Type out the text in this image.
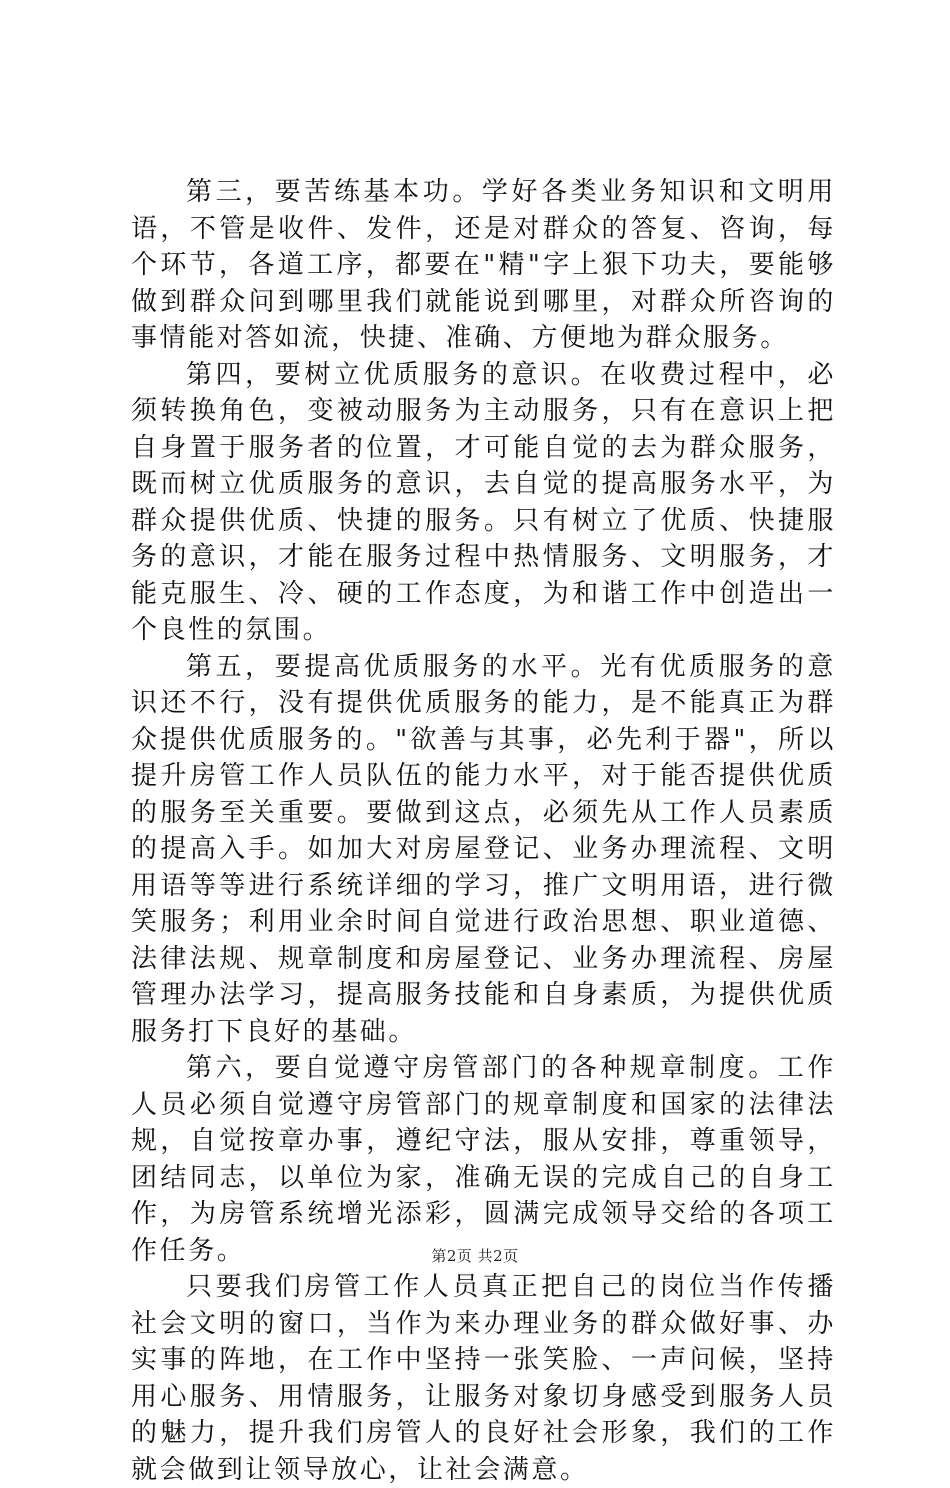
第三，要苦练基本功。学好各类业务知识和文明用语，不管是收件、发件，还是对群众的答复、咨询，每个环节，各道工序，都要在"精"字上狠下功夫，要能够做到群众问到哪里我们就能说到哪里，对群众所咨询的事情能对答如流，快捷、准确、方便地为群众服务。

第四，要树立优质服务的意识。在收费过程中，必须转换角色，变被动服务为主动服务，只有在意识上把自身置于服务者的位置，才可能自觉的去为群众服务，既而树立优质服务的意识，去自觉的提高服务水平，为群众提供优质、快捷的服务。只有树立了优质、快捷服务的意识，才能在服务过程中热情服务、文明服务，才能克服生、冷、硬的工作态度，为和谐工作中创造出一个良性的氛围。

第五，要提高优质服务的水平。光有优质服务的意识还不行，没有提供优质服务的能力，是不能真正为群众提供优质服务的。"欲善与其事，必先利于器"，所以提升房管工作人员队伍的能力水平，对于能否提供优质的服务至关重要。要做到这点，必须先从工作人员素质的提高入手。如加大对房屋登记、业务办理流程、文明用语等等进行系统详细的学习，推广文明用语，进行微笑服务；利用业余时间自觉进行政治思想、职业道德、法律法规、规章制度和房屋登记、业务办理流程、房屋管理办法学习，提高服务技能和自身素质，为提供优质服务打下良好的基础。

第六，要自觉遵守房管部门的各种规章制度。工作人员必须自觉遵守房管部门的规章制度和国家的法律法规，自觉按章办事，遵纪守法，服从安排，尊重领导，团结同志，以单位为家，准确无误的完成自己的自身工作，为房管系统增光添彩，圆满完成领导交给的各项工作任务。

只要我们房管工作人员真正把自己的岗位当作传播社会文明的窗口，当作为来办理业务的群众做好事、办实事的阵地，在工作中坚持一张笑脸、一声问候，坚持用心服务、用情服务，让服务对象切身感受到服务人员的魅力，提升我们房管人的良好社会形象，我们的工作就会做到让领导放心，让社会满意。

第2页 共2页
